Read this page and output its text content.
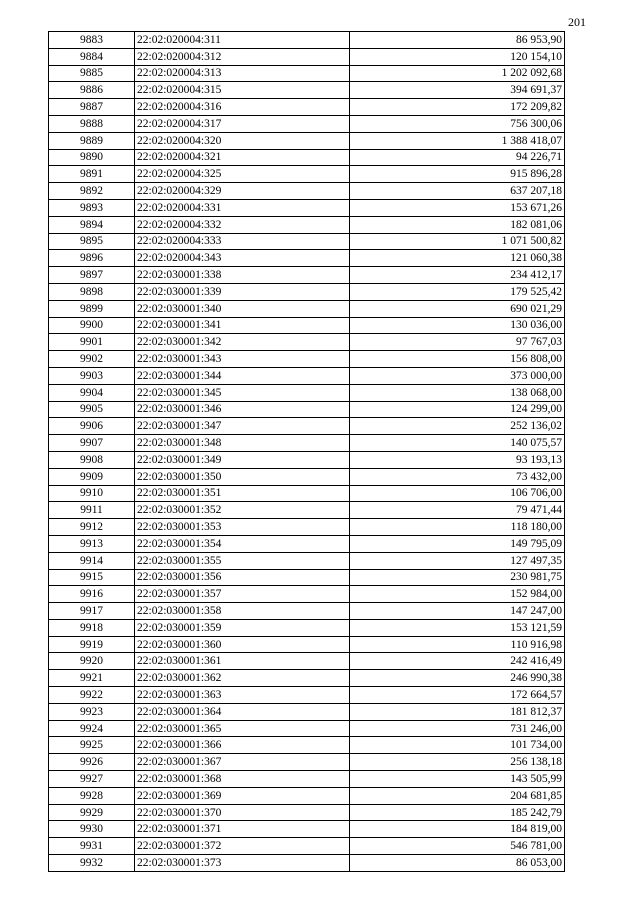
201
9883	22:02:020004:311	86 953,90
9884	22:02:020004:312	120 154,10
9885	22:02:020004:313	1 202 092,68
9886	22:02:020004:315	394 691,37
9887	22:02:020004:316	172 209,82
9888	22:02:020004:317	756 300,06
9889	22:02:020004:320	1 388 418,07
9890	22:02:020004:321	94 226,71
9891	22:02:020004:325	915 896,28
9892	22:02:020004:329	637 207,18
9893	22:02:020004:331	153 671,26
9894	22:02:020004:332	182 081,06
9895	22:02:020004:333	1 071 500,82
9896	22:02:020004:343	121 060,38
9897	22:02:030001:338	234 412,17
9898	22:02:030001:339	179 525,42
9899	22:02:030001:340	690 021,29
9900	22:02:030001:341	130 036,00
9901	22:02:030001:342	97 767,03
9902	22:02:030001:343	156 808,00
9903	22:02:030001:344	373 000,00
9904	22:02:030001:345	138 068,00
9905	22:02:030001:346	124 299,00
9906	22:02:030001:347	252 136,02
9907	22:02:030001:348	140 075,57
9908	22:02:030001:349	93 193,13
9909	22:02:030001:350	73 432,00
9910	22:02:030001:351	106 706,00
9911	22:02:030001:352	79 471,44
9912	22:02:030001:353	118 180,00
9913	22:02:030001:354	149 795,09
9914	22:02:030001:355	127 497,35
9915	22:02:030001:356	230 981,75
9916	22:02:030001:357	152 984,00
9917	22:02:030001:358	147 247,00
9918	22:02:030001:359	153 121,59
9919	22:02:030001:360	110 916,98
9920	22:02:030001:361	242 416,49
9921	22:02:030001:362	246 990,38
9922	22:02:030001:363	172 664,57
9923	22:02:030001:364	181 812,37
9924	22:02:030001:365	731 246,00
9925	22:02:030001:366	101 734,00
9926	22:02:030001:367	256 138,18
9927	22:02:030001:368	143 505,99
9928	22:02:030001:369	204 681,85
9929	22:02:030001:370	185 242,79
9930	22:02:030001:371	184 819,00
9931	22:02:030001:372	546 781,00
9932	22:02:030001:373	86 053,00
